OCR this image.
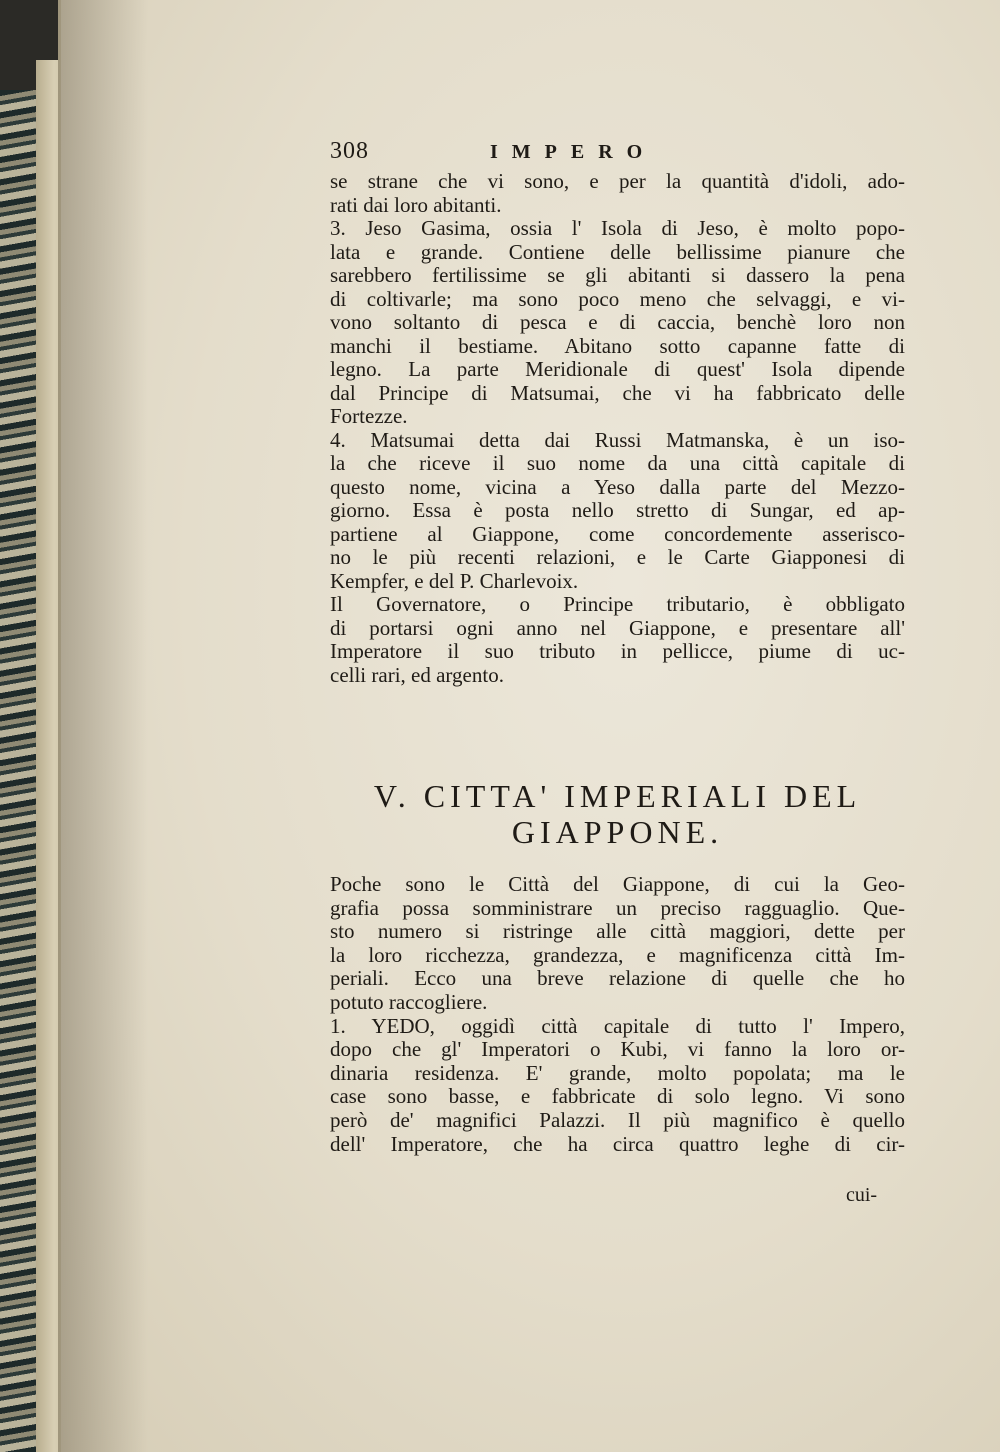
308	IMPERO
se strane che vi sono, e per la quantità d'idoli, ado-
rati dai loro abitanti.
3. Jeso Gasima, ossia l' Isola di Jeso, è molto popo-
lata e grande. Contiene delle bellissime pianure che
sarebbero fertilissime se gli abitanti si dassero la pena
di coltivarle; ma sono poco meno che selvaggi, e vi-
vono soltanto di pesca e di caccia, benchè loro non
manchi il bestiame. Abitano sotto capanne fatte di
legno. La parte Meridionale di quest' Isola dipende
dal Principe di Matsumai, che vi ha fabbricato delle
Fortezze.
4. Matsumai detta dai Russi Matmanska, è un iso-
la che riceve il suo nome da una città capitale di
questo nome, vicina a Yeso dalla parte del Mezzo-
giorno. Essa è posta nello stretto di Sungar, ed ap-
partiene al Giappone, come concordemente asserisco-
no le più recenti relazioni, e le Carte Giapponesi di
Kempfer, e del P. Charlevoix.
Il Governatore, o Principe tributario, è obbligato
di portarsi ogni anno nel Giappone, e presentare all'
Imperatore il suo tributo in pellicce, piume di uc-
celli rari, ed argento.
V. CITTA' IMPERIALI DEL
GIAPPONE.
Poche sono le Città del Giappone, di cui la Geo-
grafia possa somministrare un preciso ragguaglio. Que-
sto numero si ristringe alle città maggiori, dette per
la loro ricchezza, grandezza, e magnificenza città Im-
periali. Ecco una breve relazione di quelle che ho
potuto raccogliere.
1. YEDO, oggidì città capitale di tutto l' Impero,
dopo che gl' Imperatori o Kubi, vi fanno la loro or-
dinaria residenza. E' grande, molto popolata; ma le
case sono basse, e fabbricate di solo legno. Vi sono
però de' magnifici Palazzi. Il più magnifico è quello
dell' Imperatore, che ha circa quattro leghe di cir-
cui-
